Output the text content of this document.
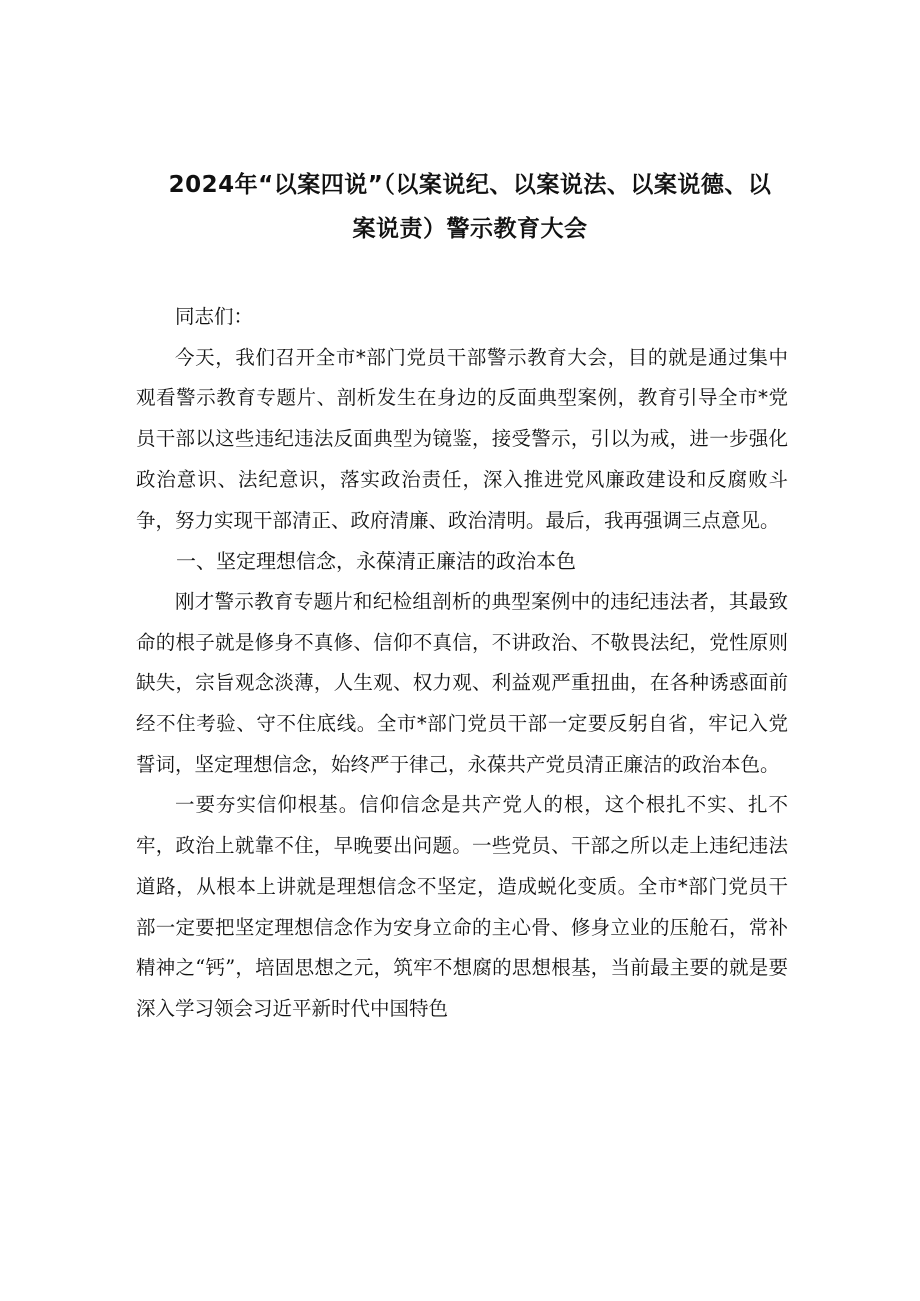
2024年“以案四说”（以案说纪、以案说法、以案说德、以
案说责）警示教育大会

同志们：

今天，我们召开全市*部门党员干部警示教育大会，目的就是通过集中观看警示教育专题片、剖析发生在身边的反面典型案例，教育引导全市*党员干部以这些违纪违法反面典型为镜鉴，接受警示，引以为戒，进一步强化政治意识、法纪意识，落实政治责任，深入推进党风廉政建设和反腐败斗争，努力实现干部清正、政府清廉、政治清明。最后，我再强调三点意见。

一、坚定理想信念，永葆清正廉洁的政治本色

刚才警示教育专题片和纪检组剖析的典型案例中的违纪违法者，其最致命的根子就是修身不真修、信仰不真信，不讲政治、不敬畏法纪，党性原则缺失，宗旨观念淡薄，人生观、权力观、利益观严重扭曲，在各种诱惑面前经不住考验、守不住底线。全市*部门党员干部一定要反躬自省，牢记入党誓词，坚定理想信念，始终严于律己，永葆共产党员清正廉洁的政治本色。

一要夯实信仰根基。信仰信念是共产党人的根，这个根扎不实、扎不牢，政治上就靠不住，早晚要出问题。一些党员、干部之所以走上违纪违法道路，从根本上讲就是理想信念不坚定，造成蜕化变质。全市*部门党员干部一定要把坚定理想信念作为安身立命的主心骨、修身立业的压舱石，常补精神之“钙”，培固思想之元，筑牢不想腐的思想根基，当前最主要的就是要深入学习领会习近平新时代中国特色
